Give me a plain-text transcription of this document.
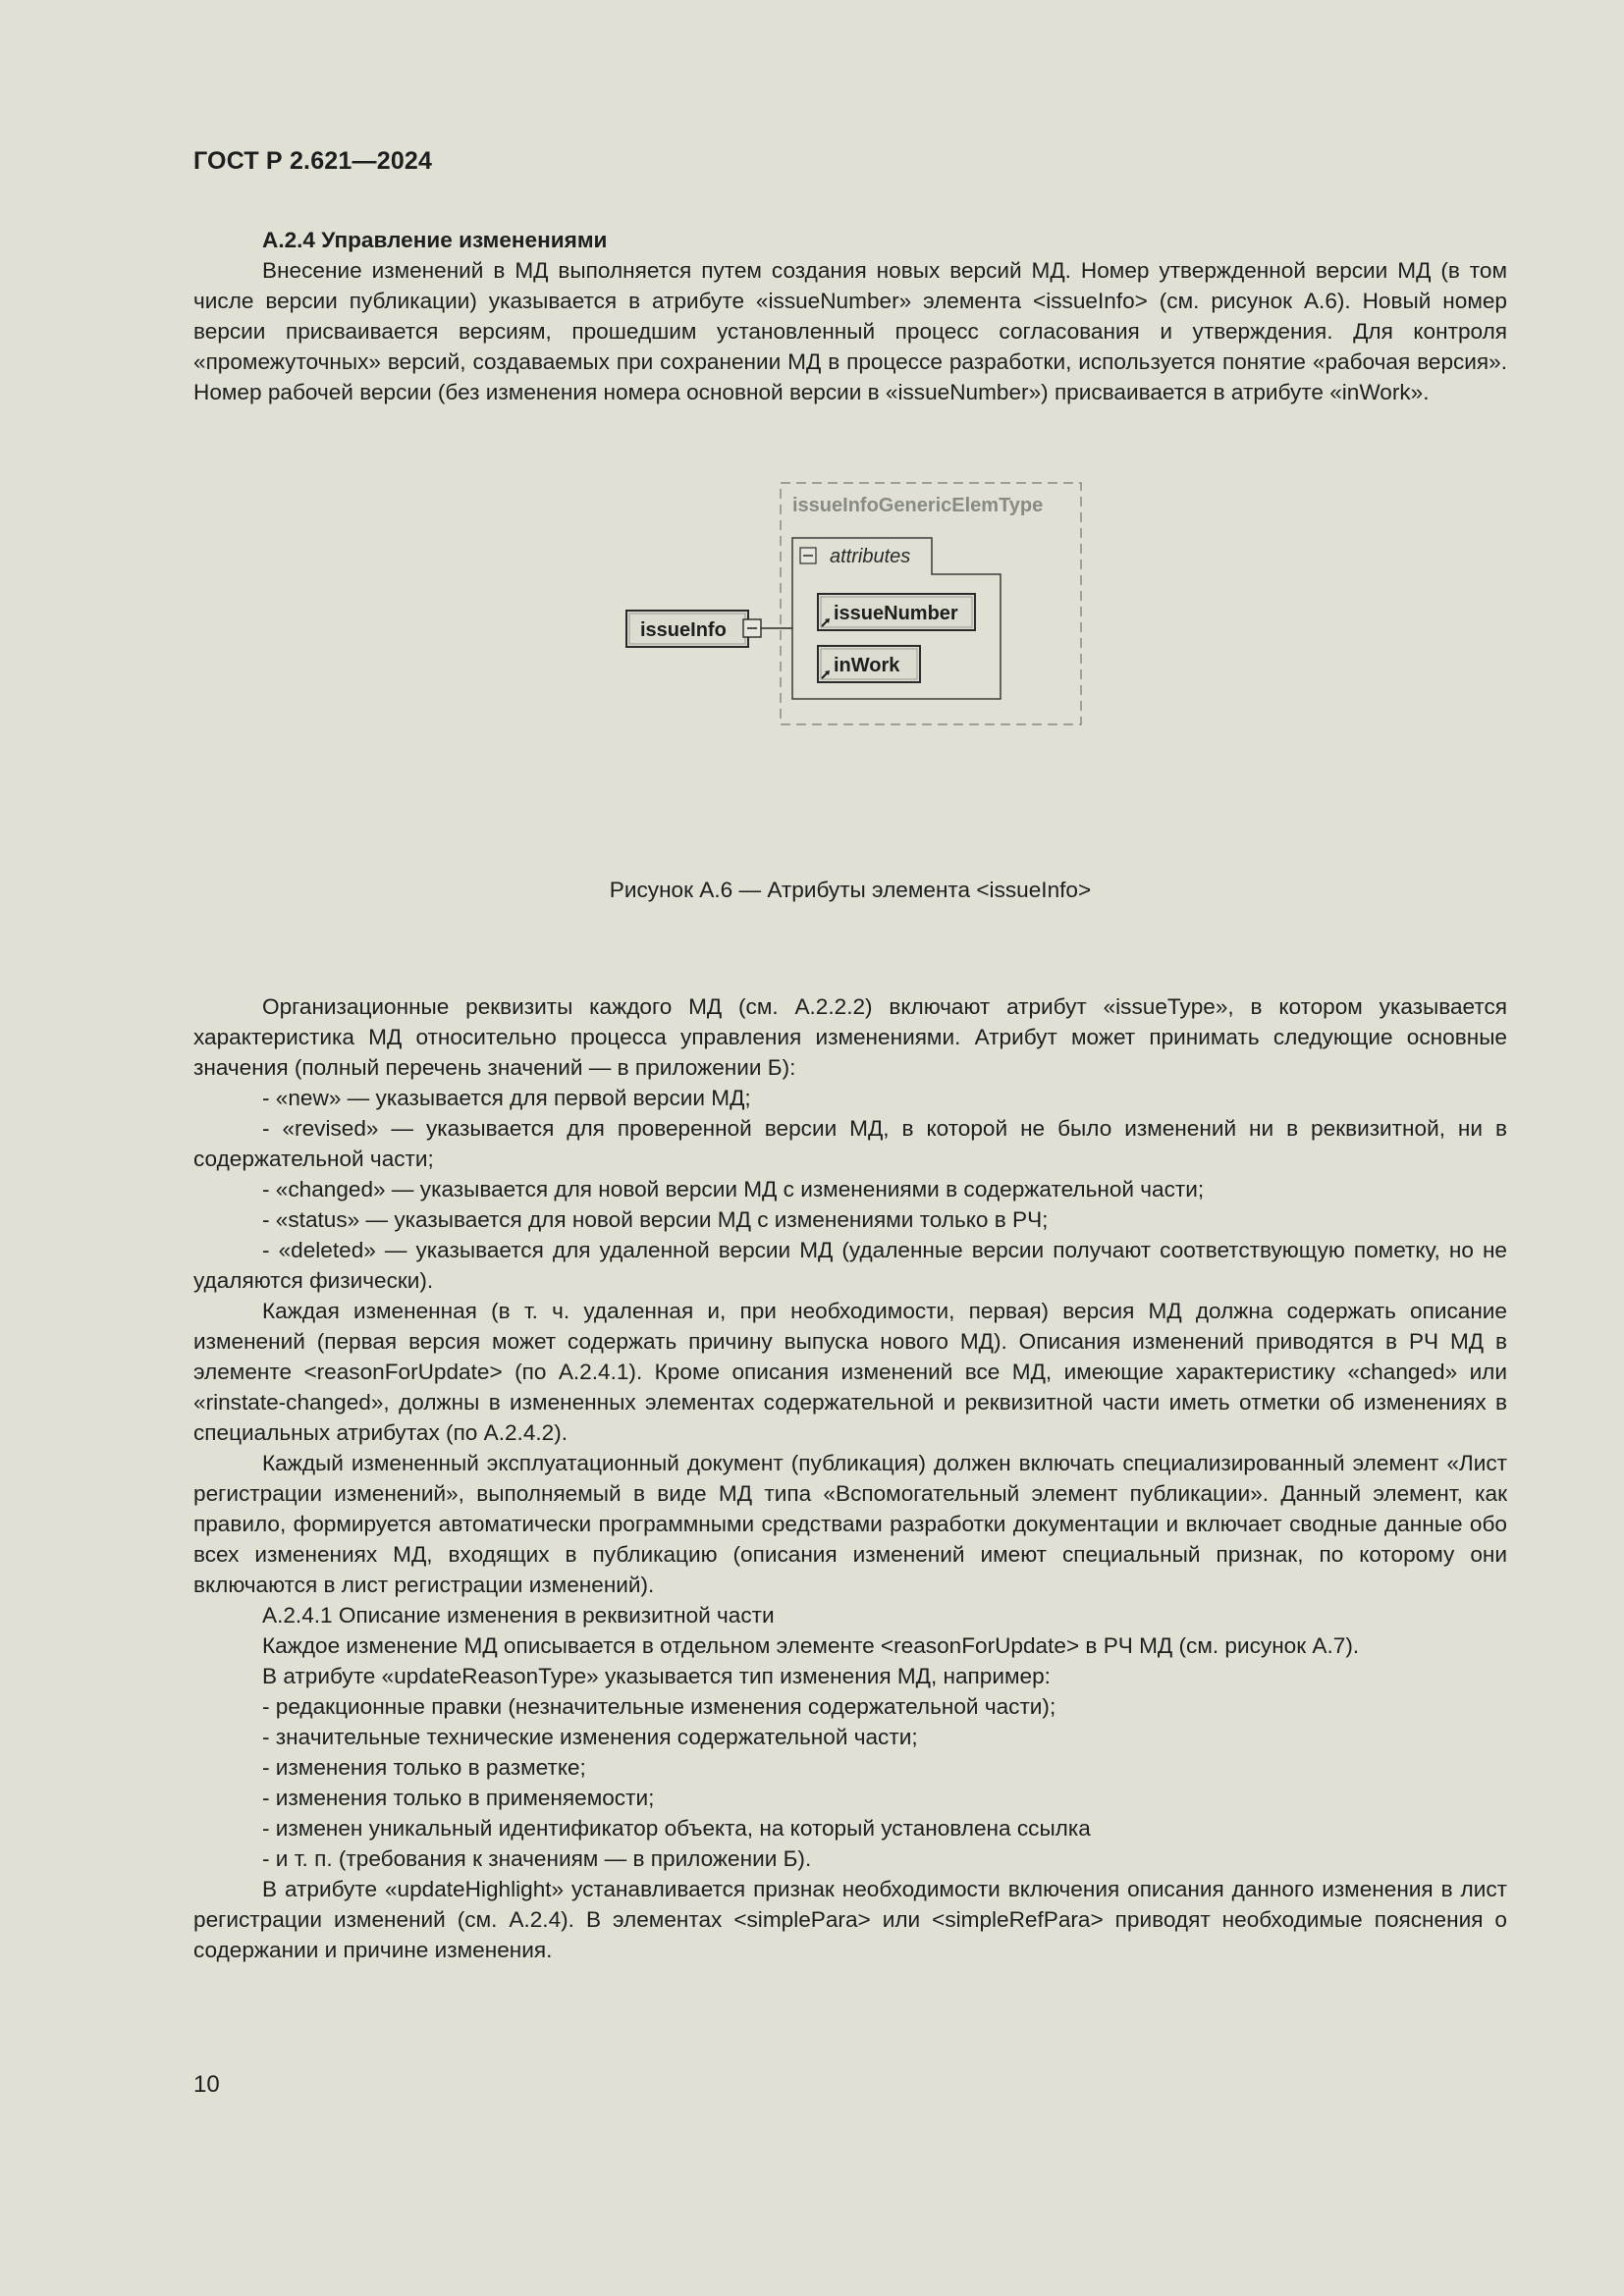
ГОСТ Р 2.621—2024

А.2.4 Управление изменениями

Внесение изменений в МД выполняется путем создания новых версий МД. Номер утвержденной версии МД (в том числе версии публикации) указывается в атрибуте «issueNumber» элемента <issueInfo> (см. рисунок А.6). Новый номер версии присваивается версиям, прошедшим установленный процесс согласования и утверждения. Для контроля «промежуточных» версий, создаваемых при сохранении МД в процессе разработки, используется понятие «рабочая версия». Номер рабочей версии (без изменения номера основной версии в «issueNumber») присваивается в атрибуте «inWork».

issueInfoGenericElemType
attributes
issueInfo
issueNumber
inWork
Рисунок А.6 — Атрибуты элемента <issueInfo>

Организационные реквизиты каждого МД (см. А.2.2.2) включают атрибут «issueType», в котором указывается характеристика МД относительно процесса управления изменениями. Атрибут может принимать следующие основные значения (полный перечень значений — в приложении Б):

- «new» — указывается для первой версии МД;

- «revised» — указывается для проверенной версии МД, в которой не было изменений ни в реквизитной, ни в содержательной части;

- «changed» — указывается для новой версии МД с изменениями в содержательной части;

- «status» — указывается для новой версии МД с изменениями только в РЧ;

- «deleted» — указывается для удаленной версии МД (удаленные версии получают соответствующую пометку, но не удаляются физически).

Каждая измененная (в т. ч. удаленная и, при необходимости, первая) версия МД должна содержать описание изменений (первая версия может содержать причину выпуска нового МД). Описания изменений приводятся в РЧ МД в элементе <reasonForUpdate> (по А.2.4.1). Кроме описания изменений все МД, имеющие характеристику «changed» или «rinstate-changed», должны в измененных элементах содержательной и реквизитной части иметь отметки об изменениях в специальных атрибутах (по А.2.4.2).

Каждый измененный эксплуатационный документ (публикация) должен включать специализированный элемент «Лист регистрации изменений», выполняемый в виде МД типа «Вспомогательный элемент публикации». Данный элемент, как правило, формируется автоматически программными средствами разработки документации и включает сводные данные обо всех изменениях МД, входящих в публикацию (описания изменений имеют специальный признак, по которому они включаются в лист регистрации изменений).

А.2.4.1 Описание изменения в реквизитной части

Каждое изменение МД описывается в отдельном элементе <reasonForUpdate> в РЧ МД (см. рисунок А.7).

В атрибуте «updateReasonType» указывается тип изменения МД, например:

- редакционные правки (незначительные изменения содержательной части);

- значительные технические изменения содержательной части;

- изменения только в разметке;

- изменения только в применяемости;

- изменен уникальный идентификатор объекта, на который установлена ссылка

- и т. п. (требования к значениям — в приложении Б).

В атрибуте «updateHighlight» устанавливается признак необходимости включения описания данного изменения в лист регистрации изменений (см. А.2.4). В элементах <simplePara> или <simpleRefPara> приводят необходимые пояснения о содержании и причине изменения.

10
